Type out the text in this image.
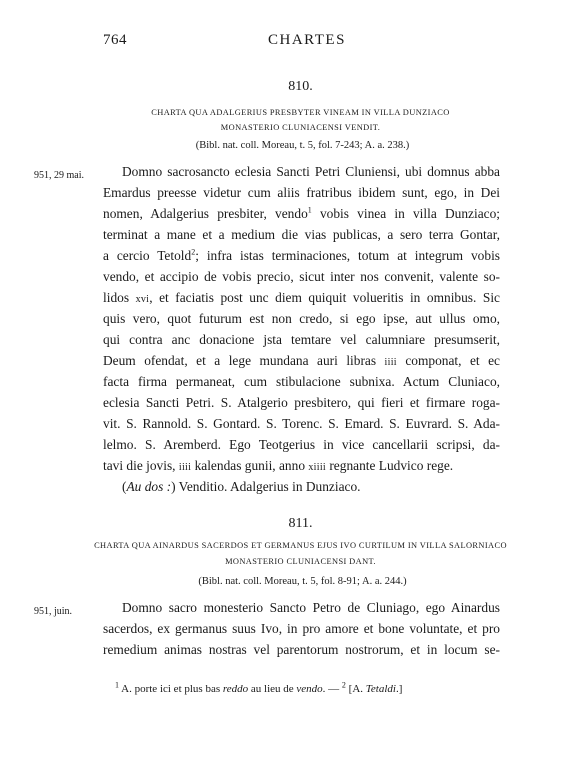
764	CHARTES
810.
CHARTA QUA ADALGERIUS PRESBYTER VINEAM IN VILLA DUNZIACO
MONASTERIO CLUNIACENSI VENDIT.
(Bibl. nat. coll. Moreau, t. 5, fol. 7-243; A. a. 238.)
951, 29 mai.	Domno sacrosancto eclesia Sancti Petri Cluniensi, ubi domnus abba
Emardus preesse videtur cum aliis fratribus ibidem sunt, ego, in Dei
nomen, Adalgerius presbiter, vendo$^1$ vobis vinea in villa Dunziaco;
terminat a mane et a medium die vias publicas, a sero terra Gontar,
a cercio Tetold$^2$; infra istas terminaciones, totum at integrum vobis
vendo, et accipio de vobis precio, sicut inter nos convenit, valente so-
lidos xvi, et faciatis post unc diem quiquit volueritis in omnibus. Sic
quis vero, quot futurum est non credo, si ego ipse, aut ullus omo,
qui contra anc donacione jsta temtare vel calumniare presumserit,
Deum ofendat, et a lege mundana auri libras iiii componat, et ec
facta firma permaneat, cum stibulacione subnixa. Actum Cluniaco,
eclesia Sancti Petri. S. Atalgerio presbitero, qui fieri et firmare roga-
vit. S. Rannold. S. Gontard. S. Torenc. S. Emard. S. Euvrard. S. Ada-
lelmo. S. Aremberd. Ego Teotgerius in vice cancellarii scripsi, da-
tavi die jovis, iiii kalendas gunii, anno xiiii regnante Ludvico rege.
(Au dos :) Venditio. Adalgerius in Dunziaco.
811.
CHARTA QUA AINARDUS SACERDOS ET GERMANUS EJUS IVO CURTILUM IN VILLA SALORNIACO
MONASTERIO CLUNIACENSI DANT.
(Bibl. nat. coll. Moreau, t. 5, fol. 8-91; A. a. 244.)
951, juin.	Domno sacro monesterio Sancto Petro de Cluniago, ego Ainardus
sacerdos, ex germanus suus Ivo, in pro amore et bone voluntate, et pro
remedium animas nostras vel parentorum nostrorum, et in locum se-
$^1$ A. porte ici et plus bas reddo au lieu de vendo. — $^2$ [A. Tetaldi.]
